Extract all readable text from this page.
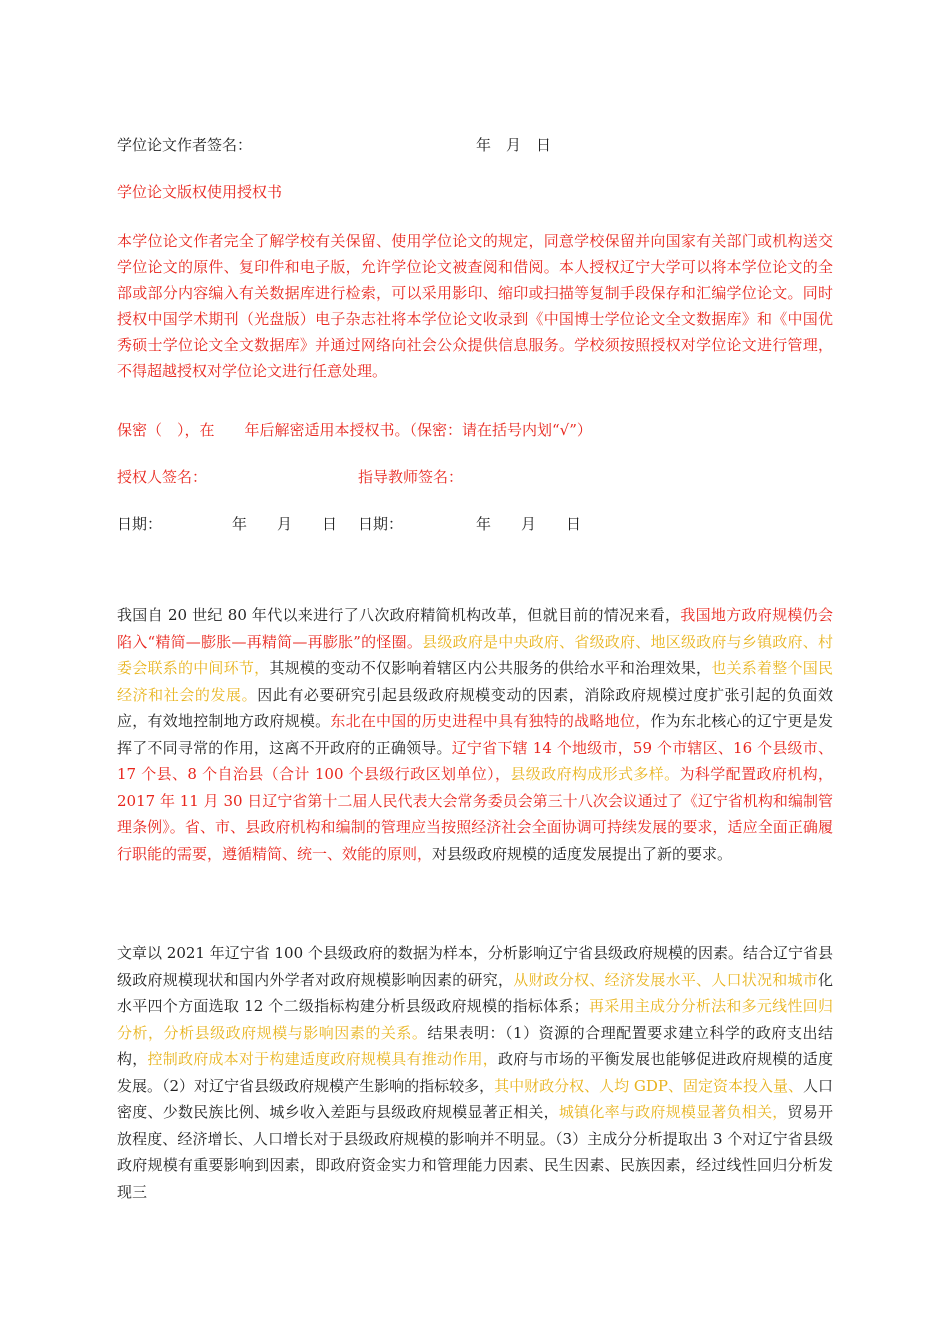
学位论文作者签名：	年　月　日
学位论文版权使用授权书
本学位论文作者完全了解学校有关保留、使用学位论文的规定，同意学校保留并向国家有关部门或机构送交学位论文的原件、复印件和电子版，允许学位论文被查阅和借阅。本人授权辽宁大学可以将本学位论文的全部或部分内容编入有关数据库进行检索，可以采用影印、缩印或扫描等复制手段保存和汇编学位论文。同时授权中国学术期刊（光盘版）电子杂志社将本学位论文收录到《中国博士学位论文全文数据库》和《中国优秀硕士学位论文全文数据库》并通过网络向社会公众提供信息服务。学校须按照授权对学位论文进行管理，不得超越授权对学位论文进行任意处理。
保密（　），在　　年后解密适用本授权书。（保密：请在括号内划“√”）
授权人签名：	指导教师签名：
日期：	年　　月　　日 日期：	年　　月　　日
我国自 20 世纪 80 年代以来进行了八次政府精简机构改革，但就目前的情况来看，我国地方政府规模仍会陷入“精简—膨胀—再精简—再膨胀”的怪圈。县级政府是中央政府、省级政府、地区级政府与乡镇政府、村委会联系的中间环节，其规模的变动不仅影响着辖区内公共服务的供给水平和治理效果，也关系着整个国民经济和社会的发展。因此有必要研究引起县级政府规模变动的因素，消除政府规模过度扩张引起的负面效应，有效地控制地方政府规模。东北在中国的历史进程中具有独特的战略地位，作为东北核心的辽宁更是发挥了不同寻常的作用，这离不开政府的正确领导。辽宁省下辖 14 个地级市，59 个市辖区、16 个县级市、17 个县、8 个自治县（合计 100 个县级行政区划单位），县级政府构成形式多样。为科学配置政府机构，2017 年 11 月 30 日辽宁省第十二届人民代表大会常务委员会第三十八次会议通过了《辽宁省机构和编制管理条例》。省、市、县政府机构和编制的管理应当按照经济社会全面协调可持续发展的要求，适应全面正确履行职能的需要，遵循精简、统一、效能的原则，对县级政府规模的适度发展提出了新的要求。
文章以 2021 年辽宁省 100 个县级政府的数据为样本，分析影响辽宁省县级政府规模的因素。结合辽宁省县级政府规模现状和国内外学者对政府规模影响因素的研究，从财政分权、经济发展水平、人口状况和城市化水平四个方面选取 12 个二级指标构建分析县级政府规模的指标体系；再采用主成分分析法和多元线性回归分析，分析县级政府规模与影响因素的关系。结果表明：（1）资源的合理配置要求建立科学的政府支出结构，控制政府成本对于构建适度政府规模具有推动作用，政府与市场的平衡发展也能够促进政府规模的适度发展。（2）对辽宁省县级政府规模产生影响的指标较多，其中财政分权、人均 GDP、固定资本投入量、人口密度、少数民族比例、城乡收入差距与县级政府规模显著正相关，城镇化率与政府规模显著负相关，贸易开放程度、经济增长、人口增长对于县级政府规模的影响并不明显。（3）主成分分析提取出 3 个对辽宁省县级政府规模有重要影响到因素，即政府资金实力和管理能力因素、民生因素、民族因素，经过线性回归分析发现三
